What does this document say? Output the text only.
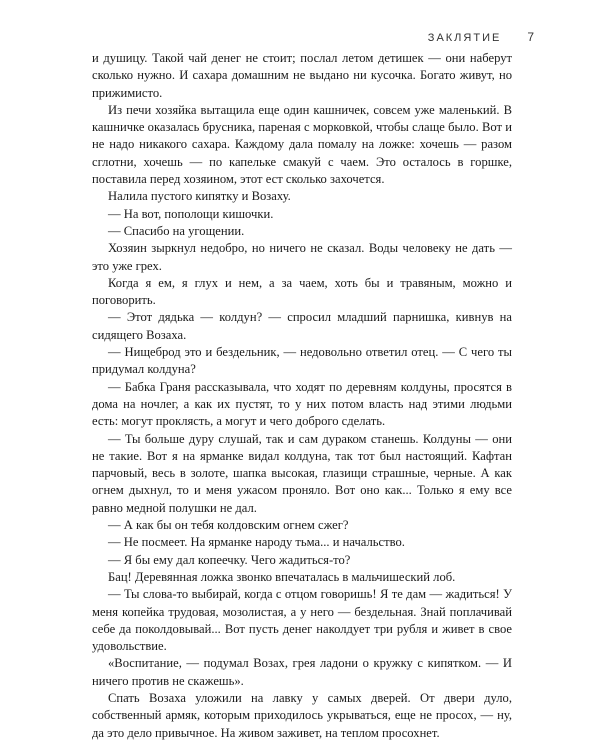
ЗАКЛЯТИЕ 7

и душицу. Такой чай денег не стоит; послал летом детишек — они наберут сколько нужно. И сахара домашним не выдано ни кусочка. Богато живут, но прижимисто.

Из печи хозяйка вытащила еще один кашничек, совсем уже маленький. В кашничке оказалась брусника, пареная с морковкой, чтобы слаще было. Вот и не надо никакого сахара. Каждому дала помалу на ложке: хочешь — разом сглотни, хочешь — по капельке смакуй с чаем. Это осталось в горшке, поставила перед хозяином, этот ест сколько захочется.

Налила пустого кипятку и Возаху.

— На вот, пополощи кишочки.

— Спасибо на угощении.

Хозяин зыркнул недобро, но ничего не сказал. Воды человеку не дать — это уже грех.

Когда я ем, я глух и нем, а за чаем, хоть бы и травяным, можно и поговорить.

— Этот дядька — колдун? — спросил младший парнишка, кивнув на сидящего Возаха.

— Нищеброд это и бездельник, — недовольно ответил отец. — С чего ты придумал колдуна?

— Бабка Граня рассказывала, что ходят по деревням колдуны, просятся в дома на ночлег, а как их пустят, то у них потом власть над этими людьми есть: могут проклясть, а могут и чего доброго сделать.

— Ты больше дуру слушай, так и сам дураком станешь. Колдуны — они не такие. Вот я на ярманке видал колдуна, так тот был настоящий. Кафтан парчовый, весь в золоте, шапка высокая, глазищи страшные, черные. А как огнем дыхнул, то и меня ужасом проняло. Вот оно как... Только я ему все равно медной полушки не дал.

— А как бы он тебя колдовским огнем сжег?

— Не посмеет. На ярманке народу тьма... и начальство.

— Я бы ему дал копеечку. Чего жадиться-то?

Бац! Деревянная ложка звонко впечаталась в мальчишеский лоб.

— Ты слова-то выбирай, когда с отцом говоришь! Я те дам — жадиться! У меня копейка трудовая, мозолистая, а у него — бездельная. Знай поплачивай себе да поколдовывай... Вот пусть денег наколдует три рубля и живет в свое удовольствие.

«Воспитание, — подумал Возах, грея ладони о кружку с кипятком. — И ничего против не скажешь».

Спать Возаха уложили на лавку у самых дверей. От двери дуло, собственный армяк, которым приходилось укрываться, еще не просох, — ну, да это дело привычное. На живом заживет, на теплом просохнет.
